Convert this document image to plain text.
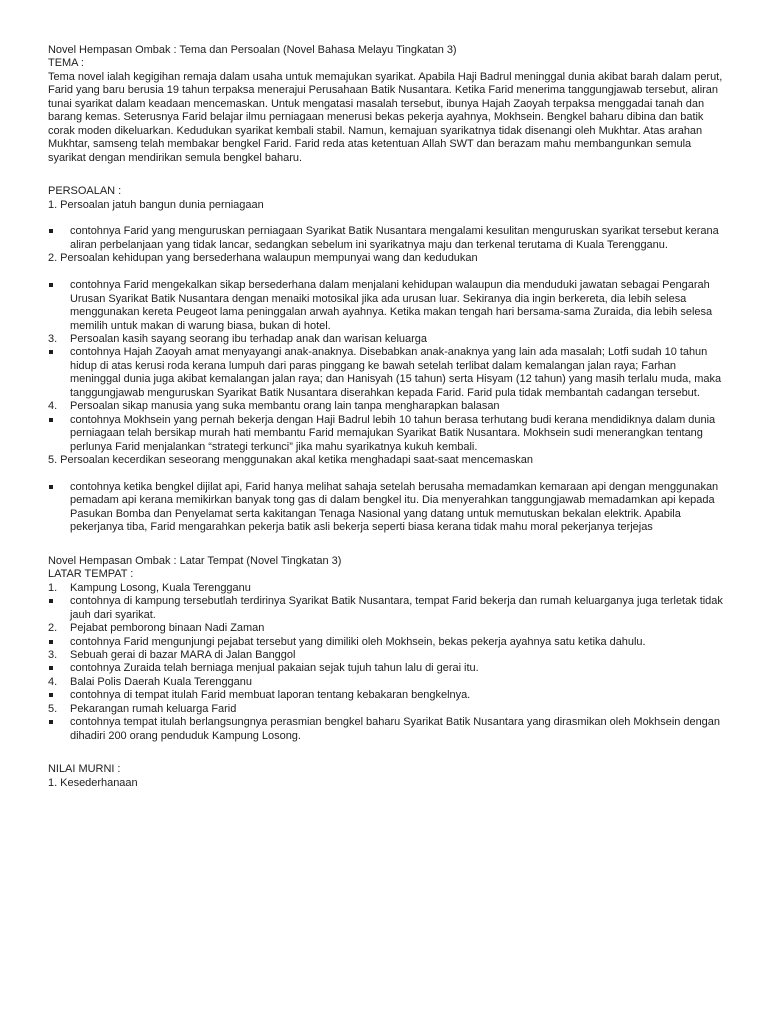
Novel Hempasan Ombak : Tema dan Persoalan (Novel Bahasa Melayu Tingkatan 3)
TEMA :
Tema novel ialah kegigihan remaja dalam usaha untuk memajukan syarikat. Apabila Haji Badrul meninggal dunia akibat barah dalam perut, Farid yang baru berusia 19 tahun terpaksa menerajui Perusahaan Batik Nusantara. Ketika Farid menerima tanggungjawab tersebut, aliran tunai syarikat dalam keadaan mencemaskan. Untuk mengatasi masalah tersebut, ibunya Hajah Zaoyah terpaksa menggadai tanah dan barang kemas. Seterusnya Farid belajar ilmu perniagaan menerusi bekas pekerja ayahnya, Mokhsein. Bengkel baharu dibina dan batik corak moden dikeluarkan. Kedudukan syarikat kembali stabil. Namun, kemajuan syarikatnya tidak disenangi oleh Mukhtar. Atas arahan Mukhtar, samseng telah membakar bengkel Farid. Farid reda atas ketentuan Allah SWT dan berazam mahu membangunkan semula syarikat dengan mendirikan semula bengkel baharu.
PERSOALAN :
1. Persoalan jatuh bangun dunia perniagaan
contohnya Farid yang menguruskan perniagaan Syarikat Batik Nusantara mengalami kesulitan menguruskan syarikat tersebut kerana aliran perbelanjaan yang tidak lancar, sedangkan sebelum ini syarikatnya maju dan terkenal terutama di Kuala Terengganu.
2. Persoalan kehidupan yang bersederhana walaupun mempunyai wang dan kedudukan
contohnya Farid mengekalkan sikap bersederhana dalam menjalani kehidupan walaupun dia menduduki jawatan sebagai Pengarah Urusan Syarikat Batik Nusantara dengan menaiki motosikal jika ada urusan luar. Sekiranya dia ingin berkereta, dia lebih selesa menggunakan kereta Peugeot lama peninggalan arwah ayahnya. Ketika makan tengah hari bersama-sama Zuraida, dia lebih selesa memilih untuk makan di warung biasa, bukan di hotel.
3. Persoalan kasih sayang seorang ibu terhadap anak dan warisan keluarga
contohnya Hajah Zaoyah amat menyayangi anak-anaknya. Disebabkan anak-anaknya yang lain ada masalah; Lotfi sudah 10 tahun hidup di atas kerusi roda kerana lumpuh dari paras pinggang ke bawah setelah terlibat dalam kemalangan jalan raya; Farhan meninggal dunia juga akibat kemalangan jalan raya; dan Hanisyah (15 tahun) serta Hisyam (12 tahun) yang masih terlalu muda, maka tanggungjawab menguruskan Syarikat Batik Nusantara diserahkan kepada Farid. Farid pula tidak membantah cadangan tersebut.
4. Persoalan sikap manusia yang suka membantu orang lain tanpa mengharapkan balasan
contohnya Mokhsein yang pernah bekerja dengan Haji Badrul lebih 10 tahun berasa terhutang budi kerana mendidiknya dalam dunia perniagaan telah bersikap murah hati membantu Farid memajukan Syarikat Batik Nusantara. Mokhsein sudi menerangkan tentang perlunya Farid menjalankan “strategi terkunci” jika mahu syarikatnya kukuh kembali.
5. Persoalan kecerdikan seseorang menggunakan akal ketika menghadapi saat-saat mencemaskan
contohnya ketika bengkel dijilat api, Farid hanya melihat sahaja setelah berusaha memadamkan kemaraan api dengan menggunakan pemadam api kerana memikirkan banyak tong gas di dalam bengkel itu. Dia menyerahkan tanggungjawab memadamkan api kepada Pasukan Bomba dan Penyelamat serta kakitangan Tenaga Nasional yang datang untuk memutuskan bekalan elektrik. Apabila pekerjanya tiba, Farid mengarahkan pekerja batik asli bekerja seperti biasa kerana tidak mahu moral pekerjanya terjejas
Novel Hempasan Ombak : Latar Tempat (Novel Tingkatan 3)
LATAR TEMPAT :
1. Kampung Losong, Kuala Terengganu
contohnya di kampung tersebutlah terdirinya Syarikat Batik Nusantara, tempat Farid bekerja dan rumah keluarganya juga terletak tidak jauh dari syarikat.
2. Pejabat pemborong binaan Nadi Zaman
contohnya Farid mengunjungi pejabat tersebut yang dimiliki oleh Mokhsein, bekas pekerja ayahnya satu ketika dahulu.
3. Sebuah gerai di bazar MARA di Jalan Banggol
contohnya Zuraida telah berniaga menjual pakaian sejak tujuh tahun lalu di gerai itu.
4. Balai Polis Daerah Kuala Terengganu
contohnya di tempat itulah Farid membuat laporan tentang kebakaran bengkelnya.
5. Pekarangan rumah keluarga Farid
contohnya tempat itulah berlangsungnya perasmian bengkel baharu Syarikat Batik Nusantara yang dirasmikan oleh Mokhsein dengan dihadiri 200 orang penduduk Kampung Losong.
NILAI MURNI :
1. Kesederhanaan
